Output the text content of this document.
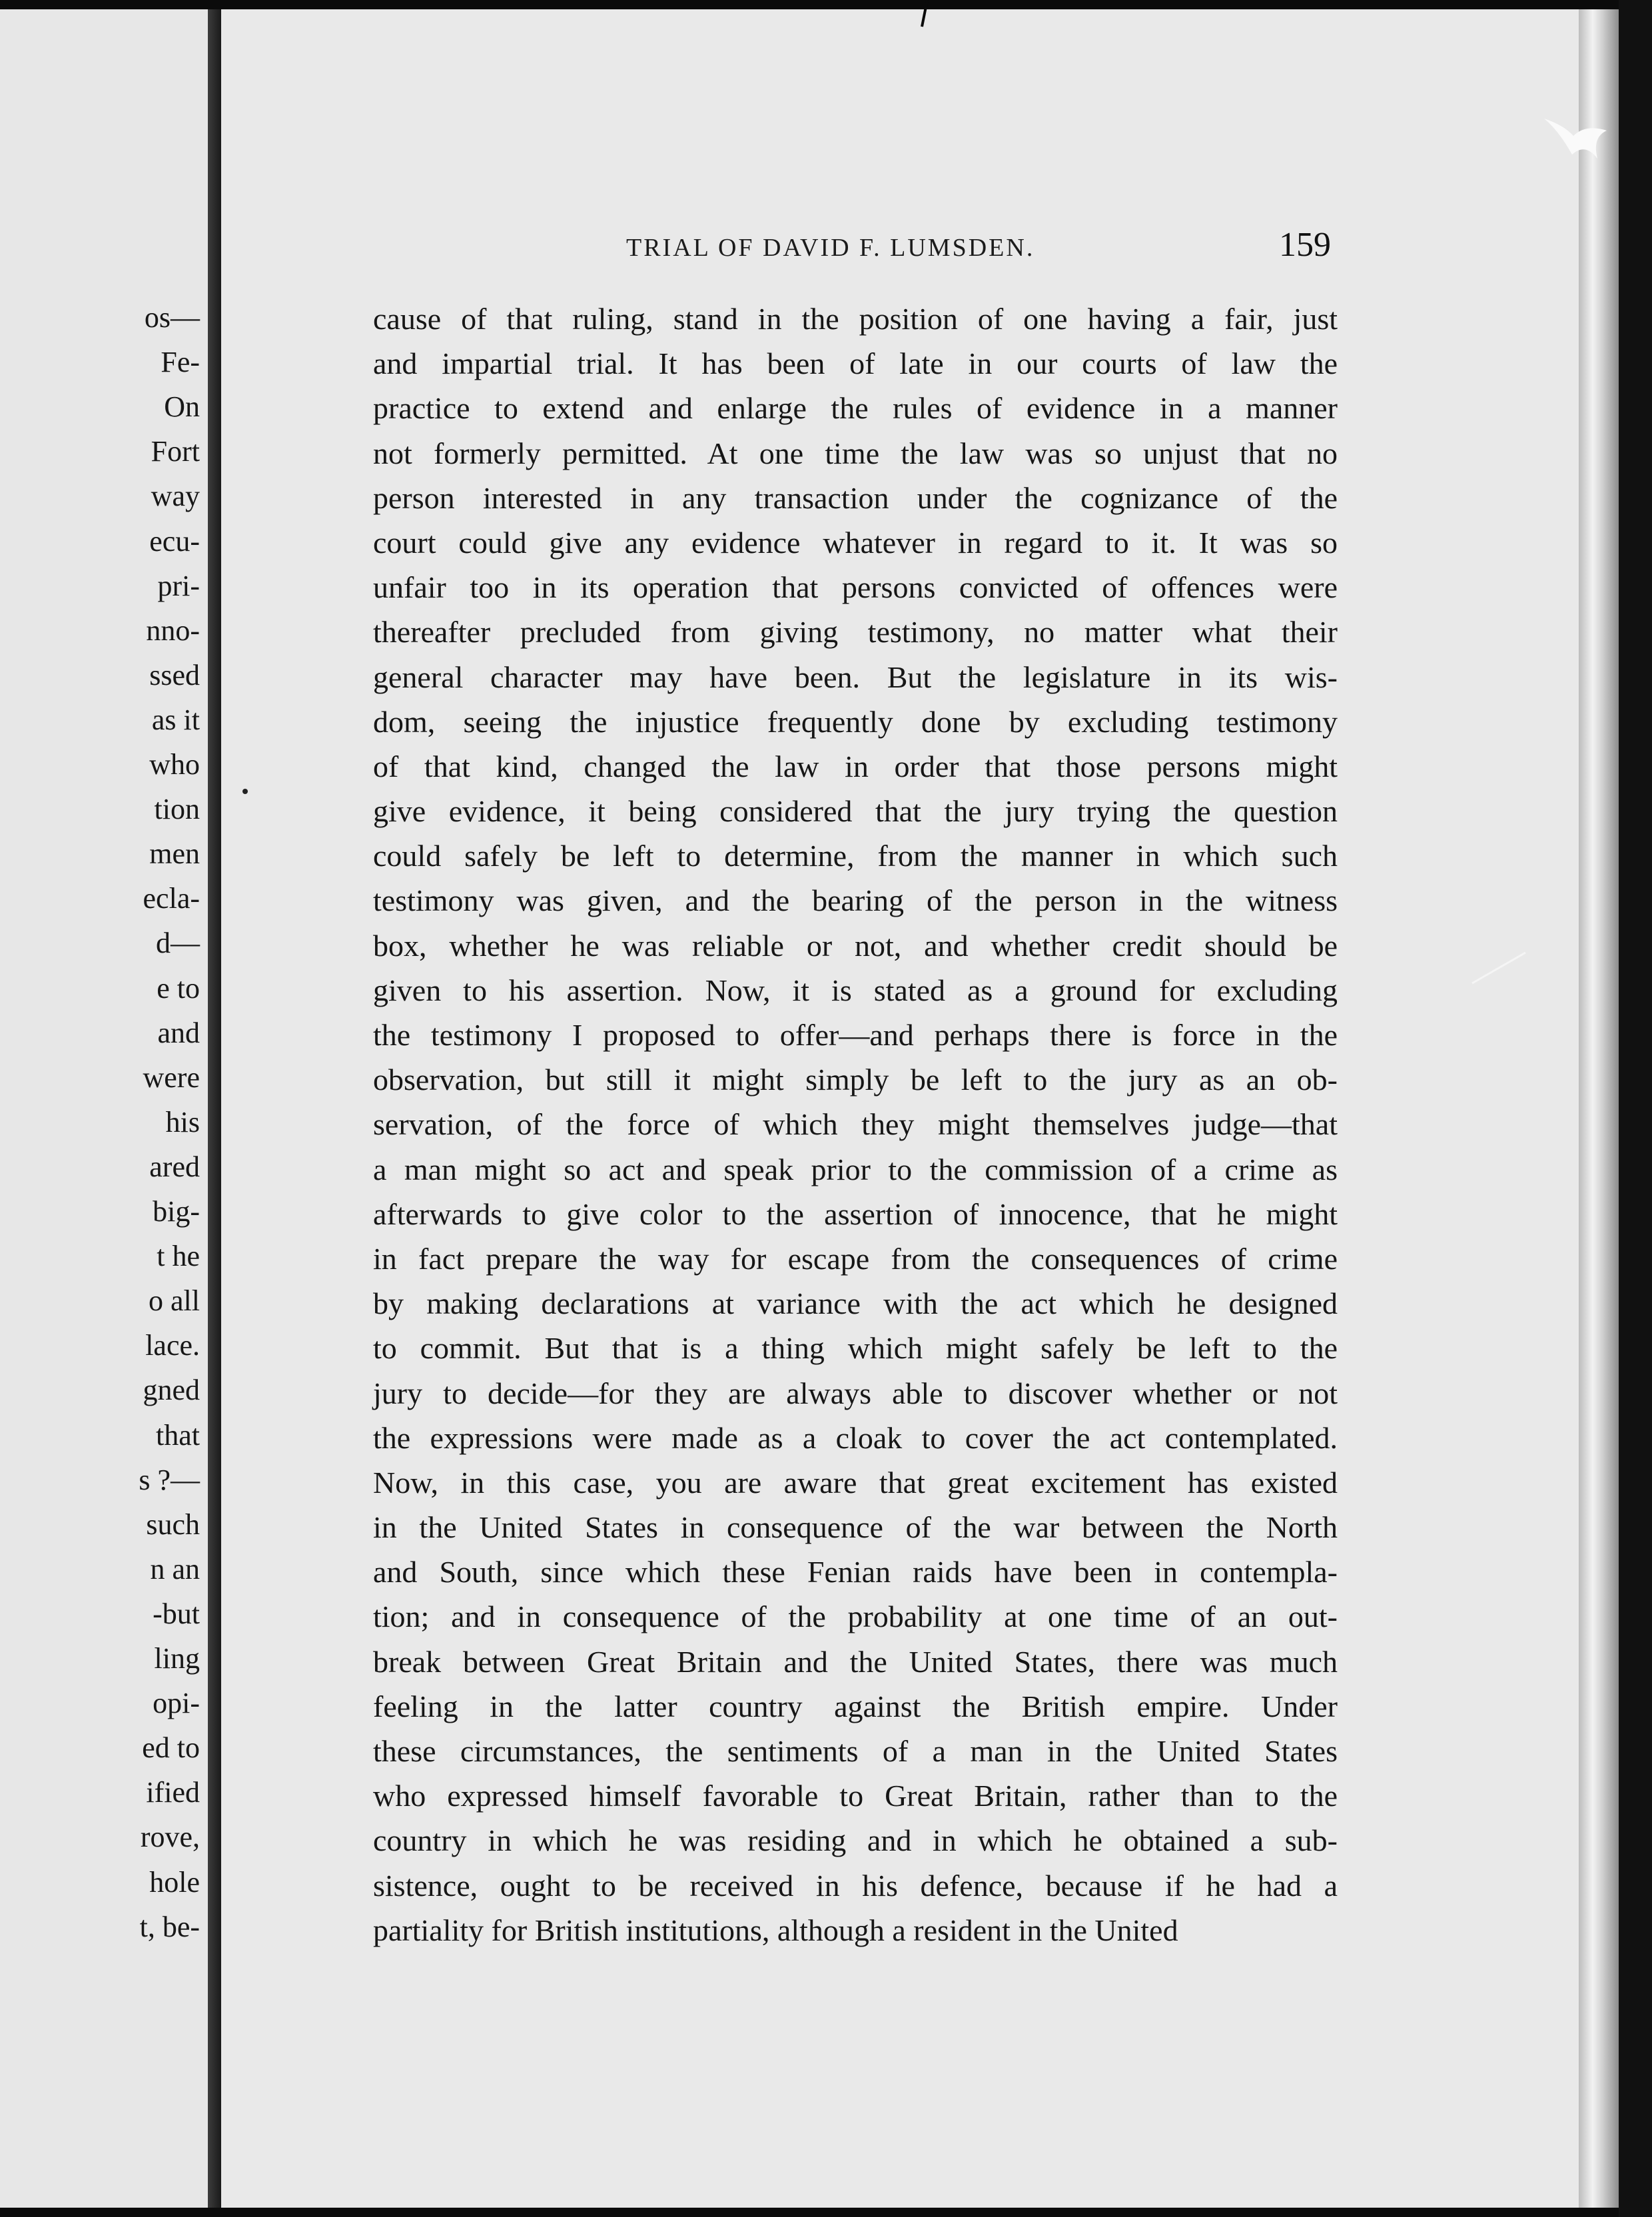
os—
Fe-
On
Fort
way
ecu-
pri-
nno-
ssed
as it
who
tion
men
ecla-
d—
e to
and
were
his
ared
big-
t he
o all
lace.
gned
that
s ?—
such
n an
-but
ling
opi-
ed to
ified
rove,
hole
t, be-
TRIAL OF DAVID F. LUMSDEN.	159
cause of that ruling, stand in the position of one having a fair, just
and impartial trial. It has been of late in our courts of law the
practice to extend and enlarge the rules of evidence in a manner
not formerly permitted. At one time the law was so unjust that no
person interested in any transaction under the cognizance of the
court could give any evidence whatever in regard to it. It was so
unfair too in its operation that persons convicted of offences were
thereafter precluded from giving testimony, no matter what their
general character may have been. But the legislature in its wis-
dom, seeing the injustice frequently done by excluding testimony
of that kind, changed the law in order that those persons might
give evidence, it being considered that the jury trying the question
could safely be left to determine, from the manner in which such
testimony was given, and the bearing of the person in the witness
box, whether he was reliable or not, and whether credit should be
given to his assertion. Now, it is stated as a ground for excluding
the testimony I proposed to offer—and perhaps there is force in the
observation, but still it might simply be left to the jury as an ob-
servation, of the force of which they might themselves judge—that
a man might so act and speak prior to the commission of a crime as
afterwards to give color to the assertion of innocence, that he might
in fact prepare the way for escape from the consequences of crime
by making declarations at variance with the act which he designed
to commit. But that is a thing which might safely be left to the
jury to decide—for they are always able to discover whether or not
the expressions were made as a cloak to cover the act contemplated.
Now, in this case, you are aware that great excitement has existed
in the United States in consequence of the war between the North
and South, since which these Fenian raids have been in contempla-
tion; and in consequence of the probability at one time of an out-
break between Great Britain and the United States, there was much
feeling in the latter country against the British empire. Under
these circumstances, the sentiments of a man in the United States
who expressed himself favorable to Great Britain, rather than to the
country in which he was residing and in which he obtained a sub-
sistence, ought to be received in his defence, because if he had a
partiality for British institutions, although a resident in the United
